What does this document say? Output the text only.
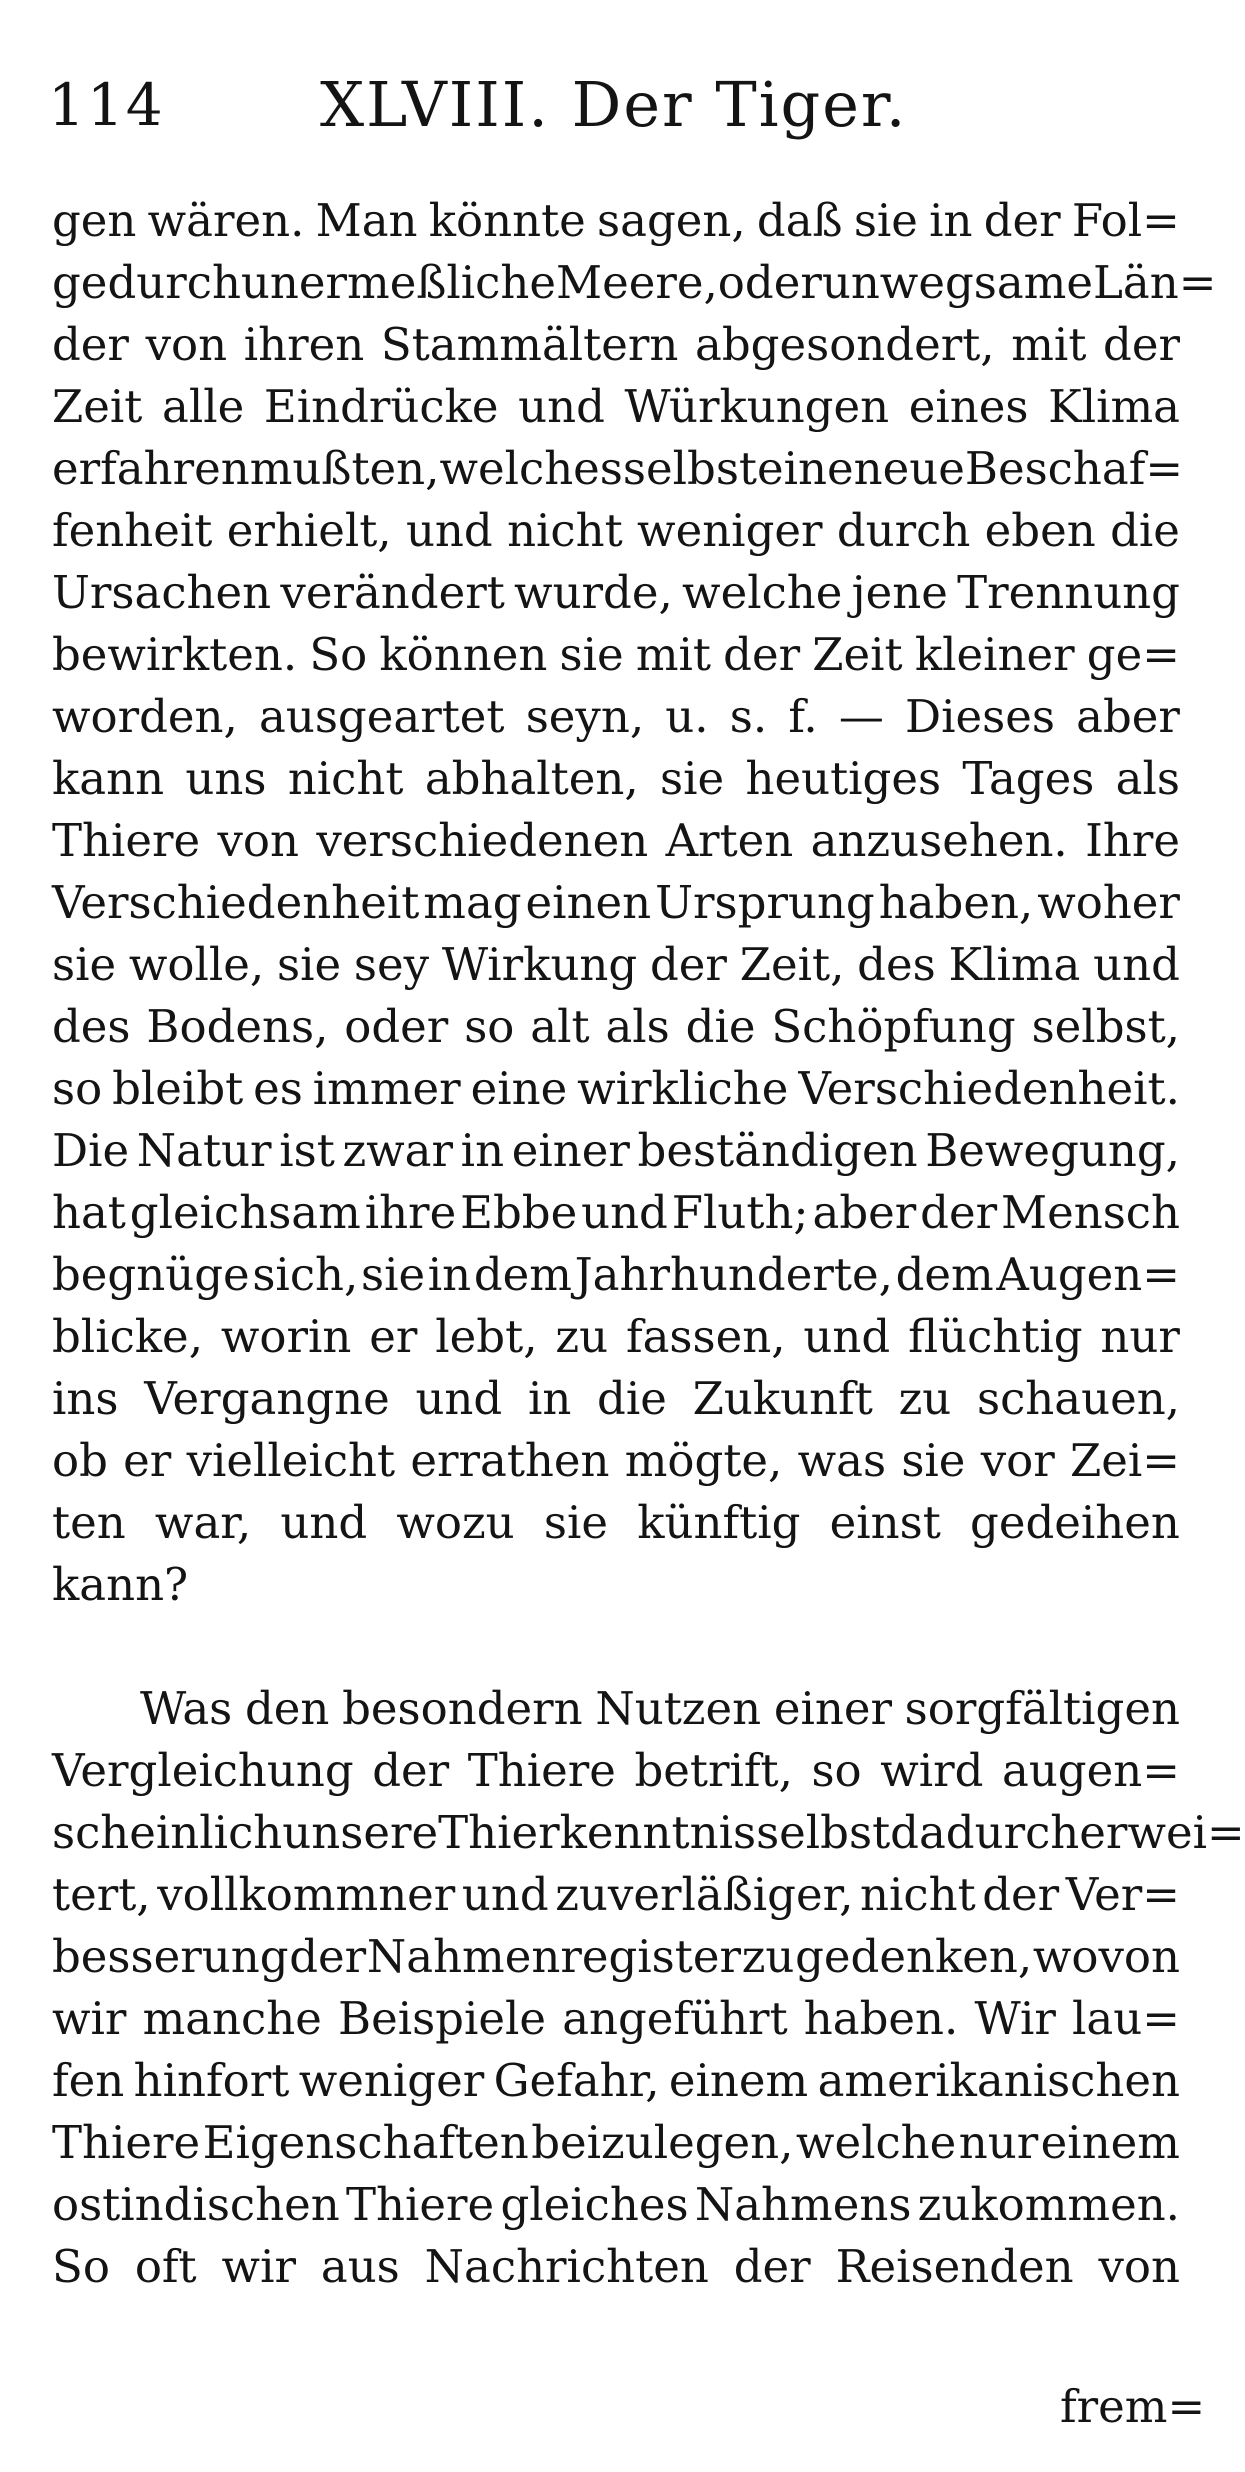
114	XLVIII. Der Tiger.
gen wären. Man könnte sagen, daß sie in der Fol=
ge durch unermeßliche Meere, oder unwegsame Län=
der von ihren Stammältern abgesondert, mit der
Zeit alle Eindrücke und Würkungen eines Klima
erfahren mußten, welches selbst eine neue Beschaf=
fenheit erhielt, und nicht weniger durch eben die
Ursachen verändert wurde, welche jene Trennung
bewirkten. So können sie mit der Zeit kleiner ge=
worden, ausgeartet seyn, u. s. f. — Dieses aber
kann uns nicht abhalten, sie heutiges Tages als
Thiere von verschiedenen Arten anzusehen. Ihre
Verschiedenheit mag einen Ursprung haben, woher
sie wolle, sie sey Wirkung der Zeit, des Klima und
des Bodens, oder so alt als die Schöpfung selbst,
so bleibt es immer eine wirkliche Verschiedenheit.
Die Natur ist zwar in einer beständigen Bewegung,
hat gleichsam ihre Ebbe und Fluth; aber der Mensch
begnüge sich, sie in dem Jahrhunderte, dem Augen=
blicke, worin er lebt, zu fassen, und flüchtig nur
ins Vergangne und in die Zukunft zu schauen,
ob er vielleicht errathen mögte, was sie vor Zei=
ten war, und wozu sie künftig einst gedeihen
kann?
Was den besondern Nutzen einer sorgfältigen
Vergleichung der Thiere betrift, so wird augen=
scheinlich unsere Thierkenntnis selbst dadurch erwei=
tert, vollkommner und zuverläßiger, nicht der Ver=
besserung der Nahmenregister zu gedenken, wovon
wir manche Beispiele angeführt haben. Wir lau=
fen hinfort weniger Gefahr, einem amerikanischen
Thiere Eigenschaften beizulegen, welche nur einem
ostindischen Thiere gleiches Nahmens zukommen.
So oft wir aus Nachrichten der Reisenden von
frem=
